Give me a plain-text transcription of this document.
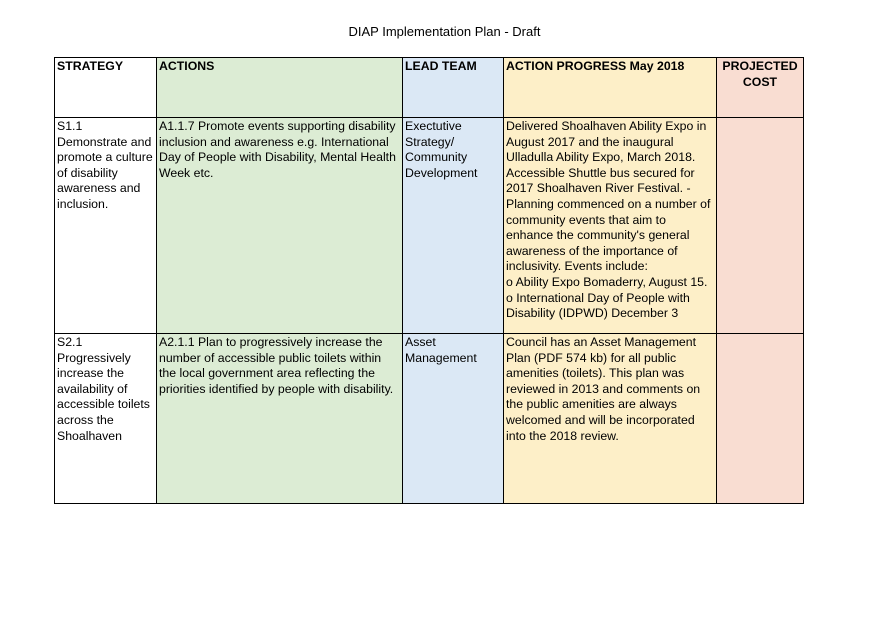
DIAP Implementation Plan - Draft
STRATEGY	ACTIONS	LEAD TEAM	ACTION PROGRESS May 2018	PROJECTED COST
S1.1 Demonstrate and promote a culture of disability awareness and inclusion.	A1.1.7 Promote events supporting disability inclusion and awareness e.g. International Day of People with Disability, Mental Health Week etc.	Exectutive Strategy/ Community Development	Delivered Shoalhaven Ability Expo in August 2017 and the inaugural Ulladulla Ability Expo, March 2018. Accessible Shuttle bus secured for 2017 Shoalhaven River Festival. - Planning commenced on a number of community events that aim to enhance the community's general awareness of the importance of inclusivity. Events include:
o Ability Expo Bomaderry, August 15.
o International Day of People with Disability (IDPWD) December 3	

S2.1 Progressively increase the availability of accessible toilets across the Shoalhaven	A2.1.1 Plan to progressively increase the number of accessible public toilets within the local government area reflecting the priorities identified by people with disability.	Asset Management	Council has an Asset Management Plan (PDF 574 kb) for all public amenities (toilets). This plan was reviewed in 2013 and comments on the public amenities are always welcomed and will be incorporated into the 2018 review.	
